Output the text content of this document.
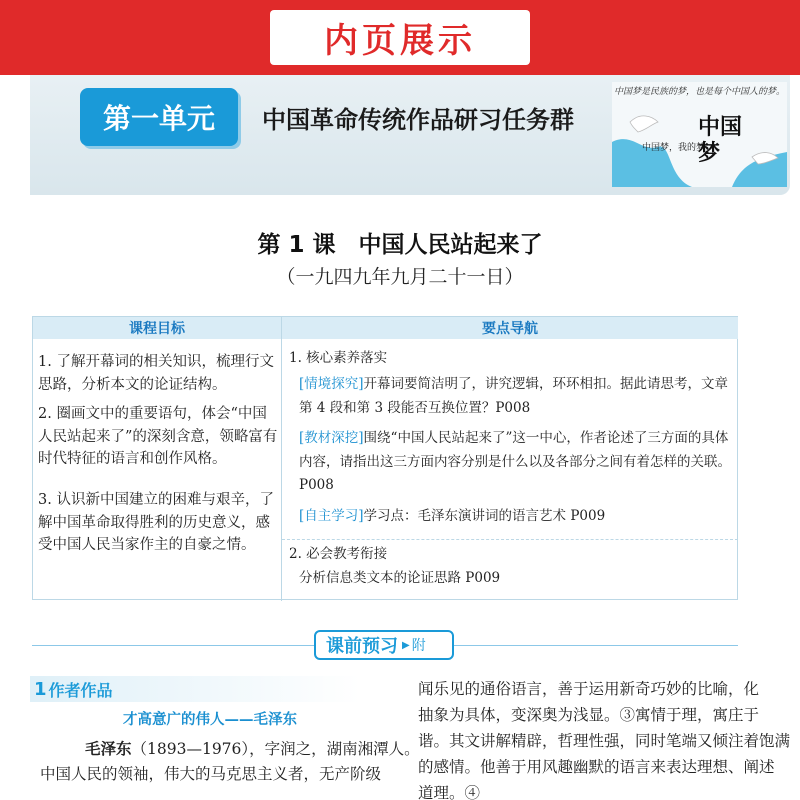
内页展示
第一单元	中国革命传统作品研习任务群
中国梦是民族的梦，也是每个中国人的梦。
中国梦，我的梦
中国梦
第 1 课　中国人民站起来了
（一九四九年九月二十一日）
课程目标	要点导航
1. 了解开幕词的相关知识，梳理行文思路，分析本文的论证结构。
2. 圈画文中的重要语句，体会“中国人民站起来了”的深刻含意，领略富有时代特征的语言和创作风格。
3. 认识新中国建立的困难与艰辛，了解中国革命取得胜利的历史意义，感受中国人民当家作主的自豪之情。
1. 核心素养落实
[情境探究]开幕词要简洁明了，讲究逻辑，环环相扣。据此请思考，文章第 4 段和第 3 段能否互换位置？P008
[教材深挖]围绕“中国人民站起来了”这一中心，作者论述了三方面的具体内容，请指出这三方面内容分别是什么以及各部分之间有着怎样的关联。P008
[自主学习]学习点：毛泽东演讲词的语言艺术 P009
2. 必会教考衔接
分析信息类文本的论证思路 P009
课前预习 ▶ 附
1 作者作品
才高意广的伟人——毛泽东
毛泽东（1893—1976），字润之，湖南湘潭人。
中国人民的领袖，伟大的马克思主义者，无产阶级
闻乐见的通俗语言，善于运用新奇巧妙的比喻，化
抽象为具体，变深奥为浅显。③寓情于理，寓庄于
谐。其文讲解精辟，哲理性强，同时笔端又倾注着饱满
的感情。他善于用风趣幽默的语言来表达理想、阐述
道理。④
